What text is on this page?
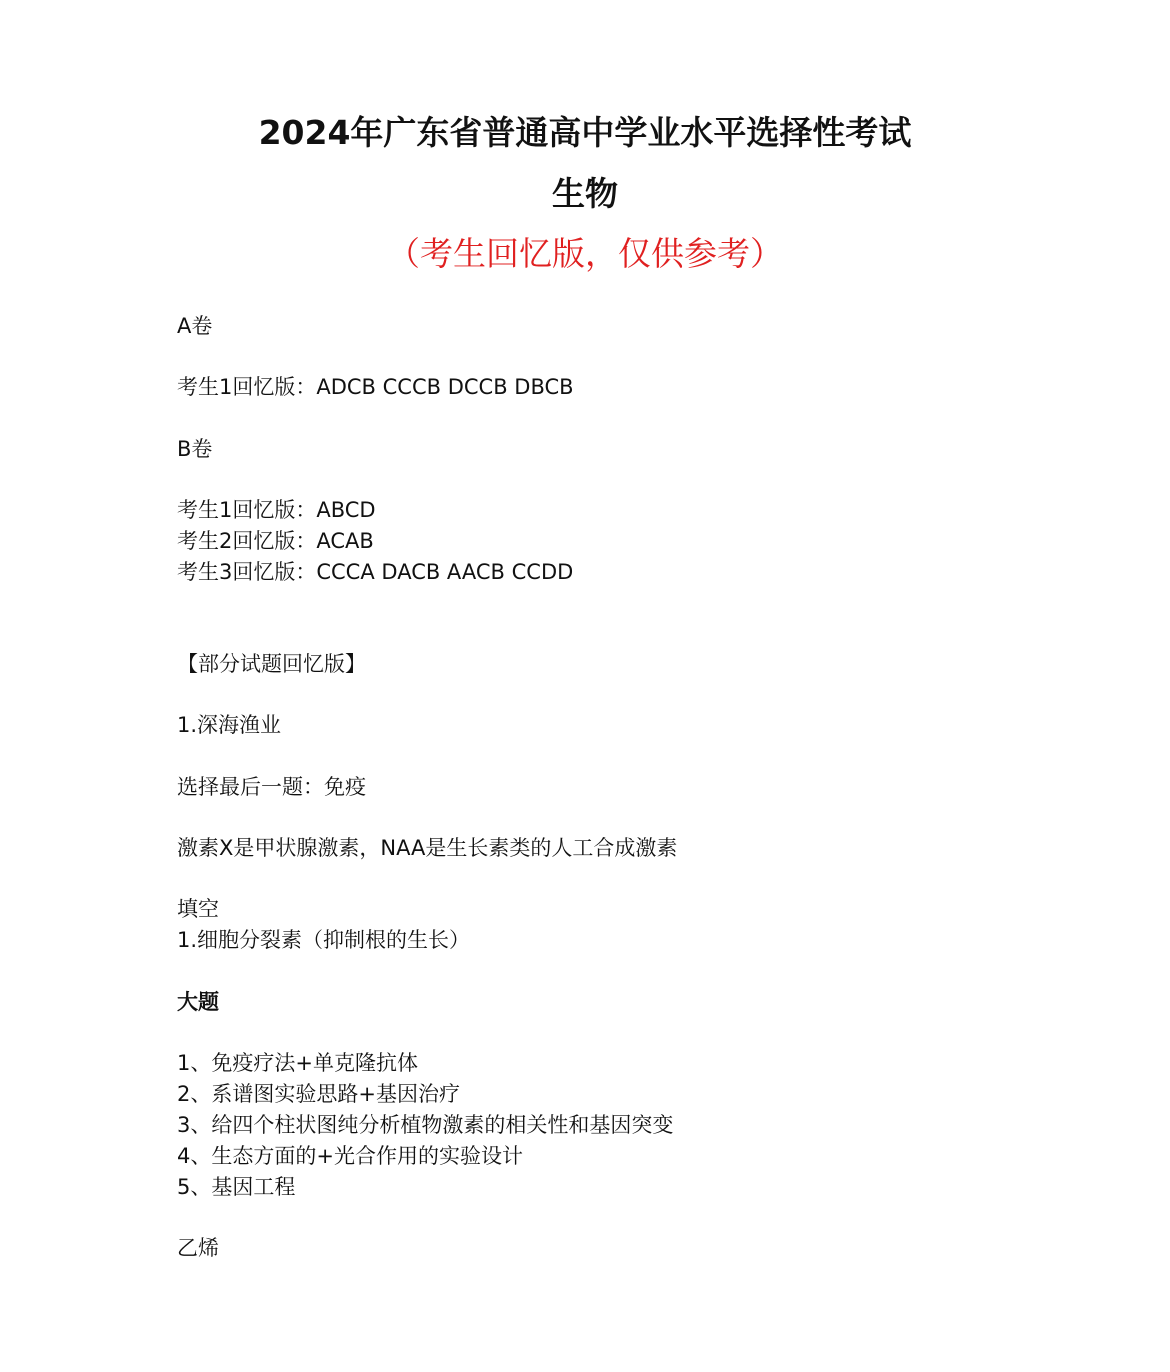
2024年广东省普通高中学业水平选择性考试
生物
（考生回忆版，仅供参考）
A卷
考生1回忆版：ADCB CCCB DCCB DBCB
B卷
考生1回忆版：ABCD
考生2回忆版：ACAB
考生3回忆版：CCCA DACB AACB CCDD
【部分试题回忆版】
1.深海渔业
选择最后一题：免疫
激素X是甲状腺激素，NAA是生长素类的人工合成激素
填空
1.细胞分裂素（抑制根的生长）
大题
1、免疫疗法+单克隆抗体
2、系谱图实验思路+基因治疗
3、给四个柱状图纯分析植物激素的相关性和基因突变
4、生态方面的+光合作用的实验设计
5、基因工程
乙烯
